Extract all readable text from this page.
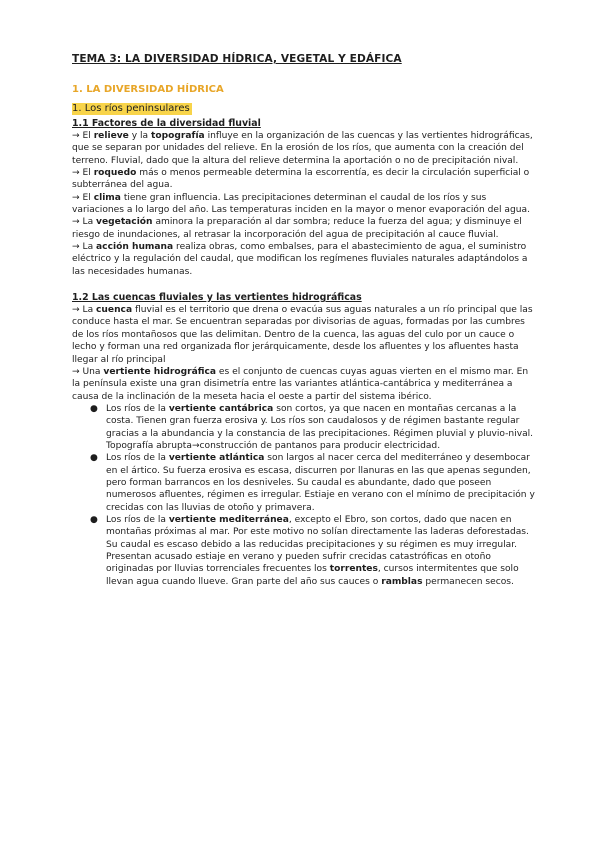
TEMA 3: LA DIVERSIDAD HÍDRICA, VEGETAL Y EDÁFICA
1. LA DIVERSIDAD HÍDRICA
1. Los ríos peninsulares
1.1 Factores de la diversidad fluvial

→ El relieve y la topografía influye en la organización de las cuencas y las vertientes hidrográficas, que se separan por unidades del relieve. En la erosión de los ríos, que aumenta con la creación del terreno. Fluvial, dado que la altura del relieve determina la aportación o no de precipitación nival.

→ El roquedo más o menos permeable determina la escorrentía, es decir la circulación superficial o subterránea del agua.

→ El clima tiene gran influencia. Las precipitaciones determinan el caudal de los ríos y sus variaciones a lo largo del año. Las temperaturas inciden en la mayor o menor evaporación del agua.

→ La vegetación aminora la preparación al dar sombra; reduce la fuerza del agua; y disminuye el riesgo de inundaciones, al retrasar la incorporación del agua de precipitación al cauce fluvial.

→ La acción humana realiza obras, como embalses, para el abastecimiento de agua, el suministro eléctrico y la regulación del caudal, que modifican los regímenes fluviales naturales adaptándolos a las necesidades humanas.

1.2 Las cuencas fluviales y las vertientes hidrográficas

→ La cuenca fluvial es el territorio que drena o evacúa sus aguas naturales a un río principal que las conduce hasta el mar. Se encuentran separadas por divisorias de aguas, formadas por las cumbres de los ríos montañosos que las delimitan. Dentro de la cuenca, las aguas del culo por un cauce o lecho y forman una red organizada flor jerárquicamente, desde los afluentes y los afluentes hasta llegar al río principal

→ Una vertiente hidrográfica es el conjunto de cuencas cuyas aguas vierten en el mismo mar. En la península existe una gran disimetría entre las variantes atlántica-cantábrica y mediterránea a causa de la inclinación de la meseta hacia el oeste a partir del sistema ibérico.

● Los ríos de la vertiente cantábrica son cortos, ya que nacen en montañas cercanas a la costa. Tienen gran fuerza erosiva y. Los ríos son caudalosos y de régimen bastante regular gracias a la abundancia y la constancia de las precipitaciones. Régimen pluvial y pluvio-nival. Topografía abrupta→construcción de pantanos para producir electricidad.
● Los ríos de la vertiente atlántica son largos al nacer cerca del mediterráneo y desembocar en el ártico. Su fuerza erosiva es escasa, discurren por llanuras en las que apenas segunden, pero forman barrancos en los desniveles. Su caudal es abundante, dado que poseen numerosos afluentes, régimen es irregular. Estiaje en verano con el mínimo de precipitación y crecidas con las lluvias de otoño y primavera.
● Los ríos de la vertiente mediterránea, excepto el Ebro, son cortos, dado que nacen en montañas próximas al mar. Por este motivo no solían directamente las laderas deforestadas. Su caudal es escaso debido a las reducidas precipitaciones y su régimen es muy irregular. Presentan acusado estiaje en verano y pueden sufrir crecidas catastróficas en otoño originadas por lluvias torrenciales frecuentes los torrentes, cursos intermitentes que solo llevan agua cuando llueve. Gran parte del año sus cauces o ramblas permanecen secos.
